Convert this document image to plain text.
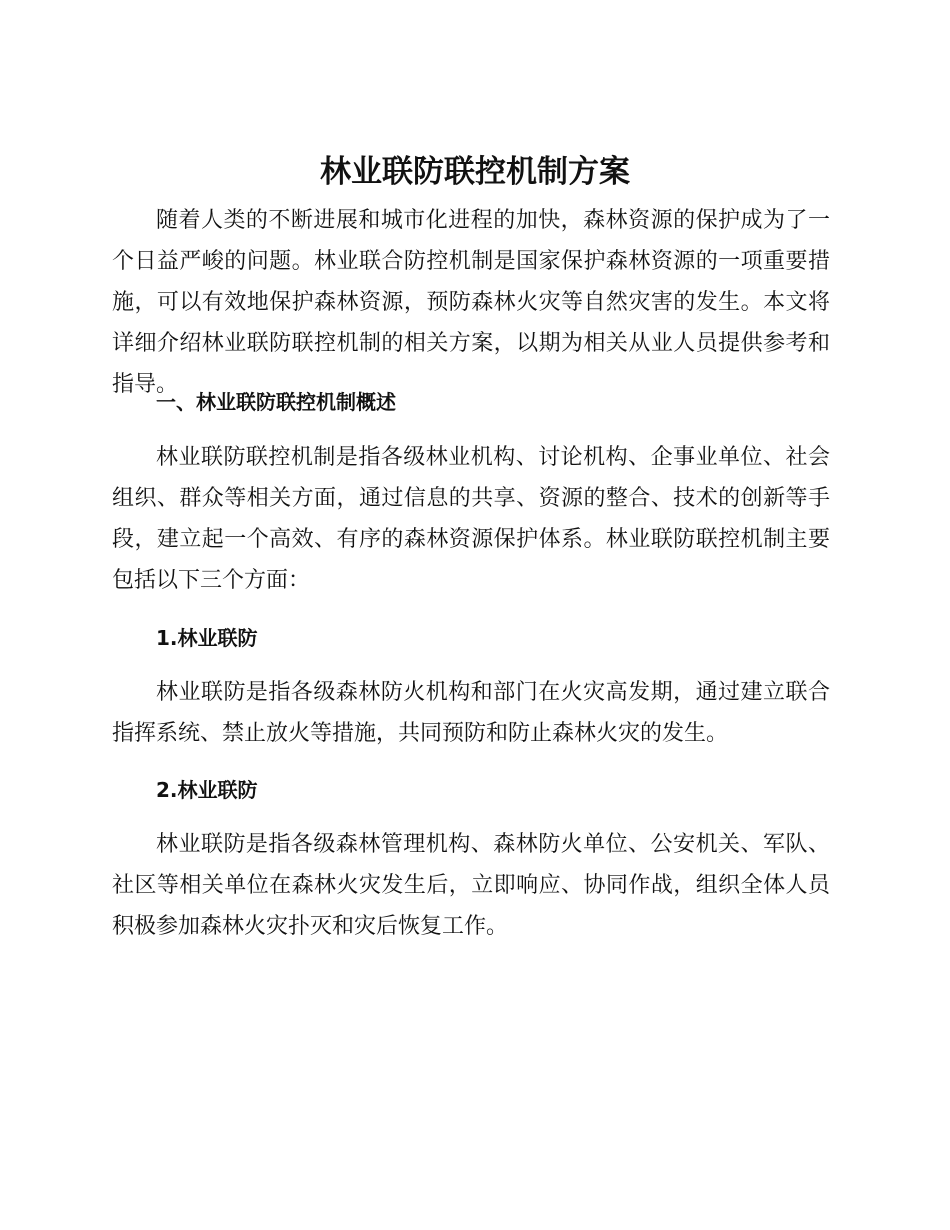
林业联防联控机制方案

随着人类的不断进展和城市化进程的加快，森林资源的保护成为了一个日益严峻的问题。林业联合防控机制是国家保护森林资源的一项重要措施，可以有效地保护森林资源，预防森林火灾等自然灾害的发生。本文将详细介绍林业联防联控机制的相关方案，以期为相关从业人员提供参考和指导。

一、林业联防联控机制概述

林业联防联控机制是指各级林业机构、讨论机构、企事业单位、社会组织、群众等相关方面，通过信息的共享、资源的整合、技术的创新等手段，建立起一个高效、有序的森林资源保护体系。林业联防联控机制主要包括以下三个方面：

1.林业联防

林业联防是指各级森林防火机构和部门在火灾高发期，通过建立联合指挥系统、禁止放火等措施，共同预防和防止森林火灾的发生。

2.林业联防

林业联防是指各级森林管理机构、森林防火单位、公安机关、军队、社区等相关单位在森林火灾发生后，立即响应、协同作战，组织全体人员积极参加森林火灾扑灭和灾后恢复工作。
